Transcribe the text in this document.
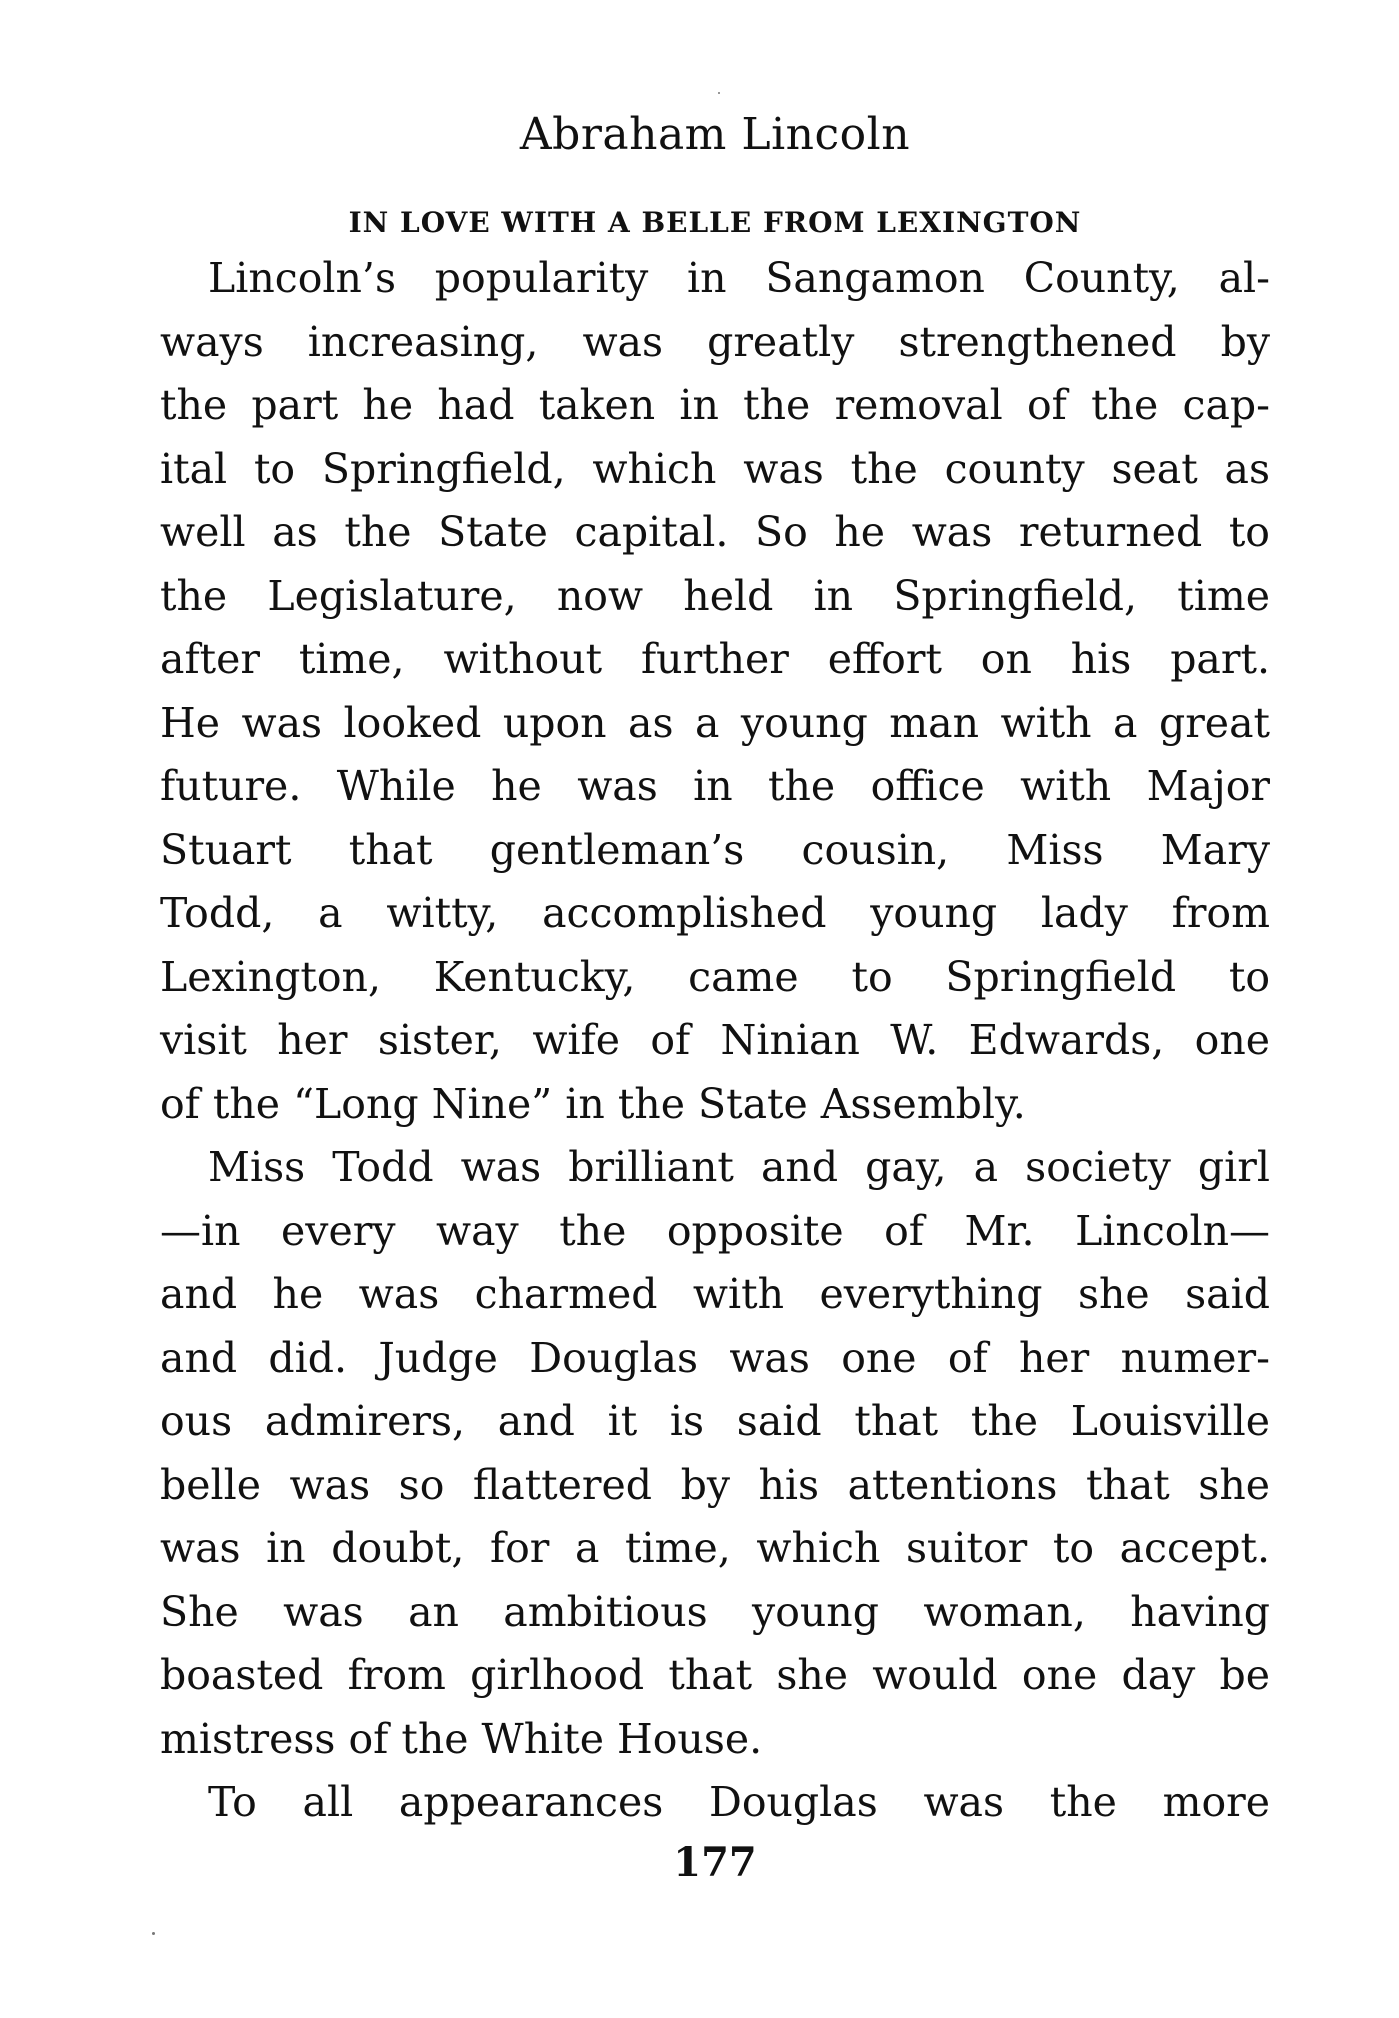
Abraham Lincoln
IN LOVE WITH A BELLE FROM LEXINGTON
Lincoln’s popularity in Sangamon County, al-
ways increasing, was greatly strengthened by
the part he had taken in the removal of the cap-
ital to Springfield, which was the county seat as
well as the State capital. So he was returned to
the Legislature, now held in Springfield, time
after time, without further effort on his part.
He was looked upon as a young man with a great
future. While he was in the office with Major
Stuart that gentleman’s cousin, Miss Mary
Todd, a witty, accomplished young lady from
Lexington, Kentucky, came to Springfield to
visit her sister, wife of Ninian W. Edwards, one
of the “Long Nine” in the State Assembly.
Miss Todd was brilliant and gay, a society girl
—in every way the opposite of Mr. Lincoln—
and he was charmed with everything she said
and did. Judge Douglas was one of her numer-
ous admirers, and it is said that the Louisville
belle was so flattered by his attentions that she
was in doubt, for a time, which suitor to accept.
She was an ambitious young woman, having
boasted from girlhood that she would one day be
mistress of the White House.
To all appearances Douglas was the more
177
